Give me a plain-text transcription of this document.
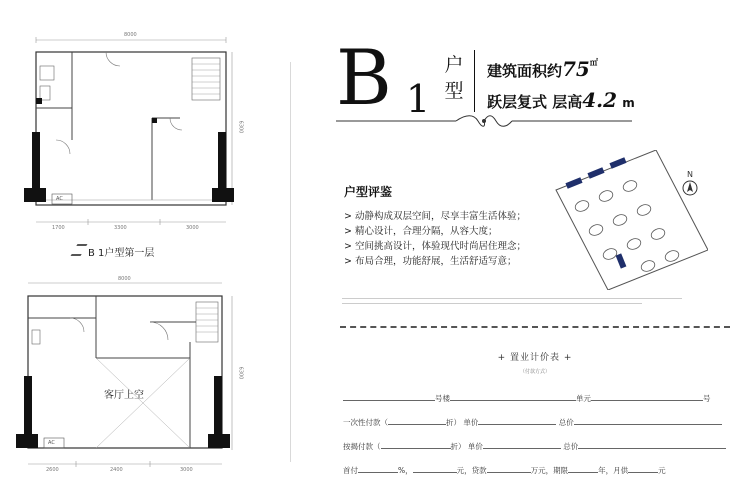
8000
6300
1700	3300	3000
AC
B 1户型第一层
8000
6300
2600	2400	3000
AC
客厅上空
B 1
户
型
建筑面积约75㎡
跃层复式 层高4.2 m
户型评鉴
> 动静构成双层空间，尽享丰富生活体验；
> 精心设计，合理分隔，从容大度；
> 空间挑高设计，体验现代时尚居住理念；
> 布局合理，功能舒展，生活舒适写意；
N
+ 置业计价表 +
（付款方式）
号楼	单元	号
一次性付款（	折） 单价	总价
按揭付款（	折） 单价	总价
首付	%，	元，贷款	万元，期限	年，月供	元
